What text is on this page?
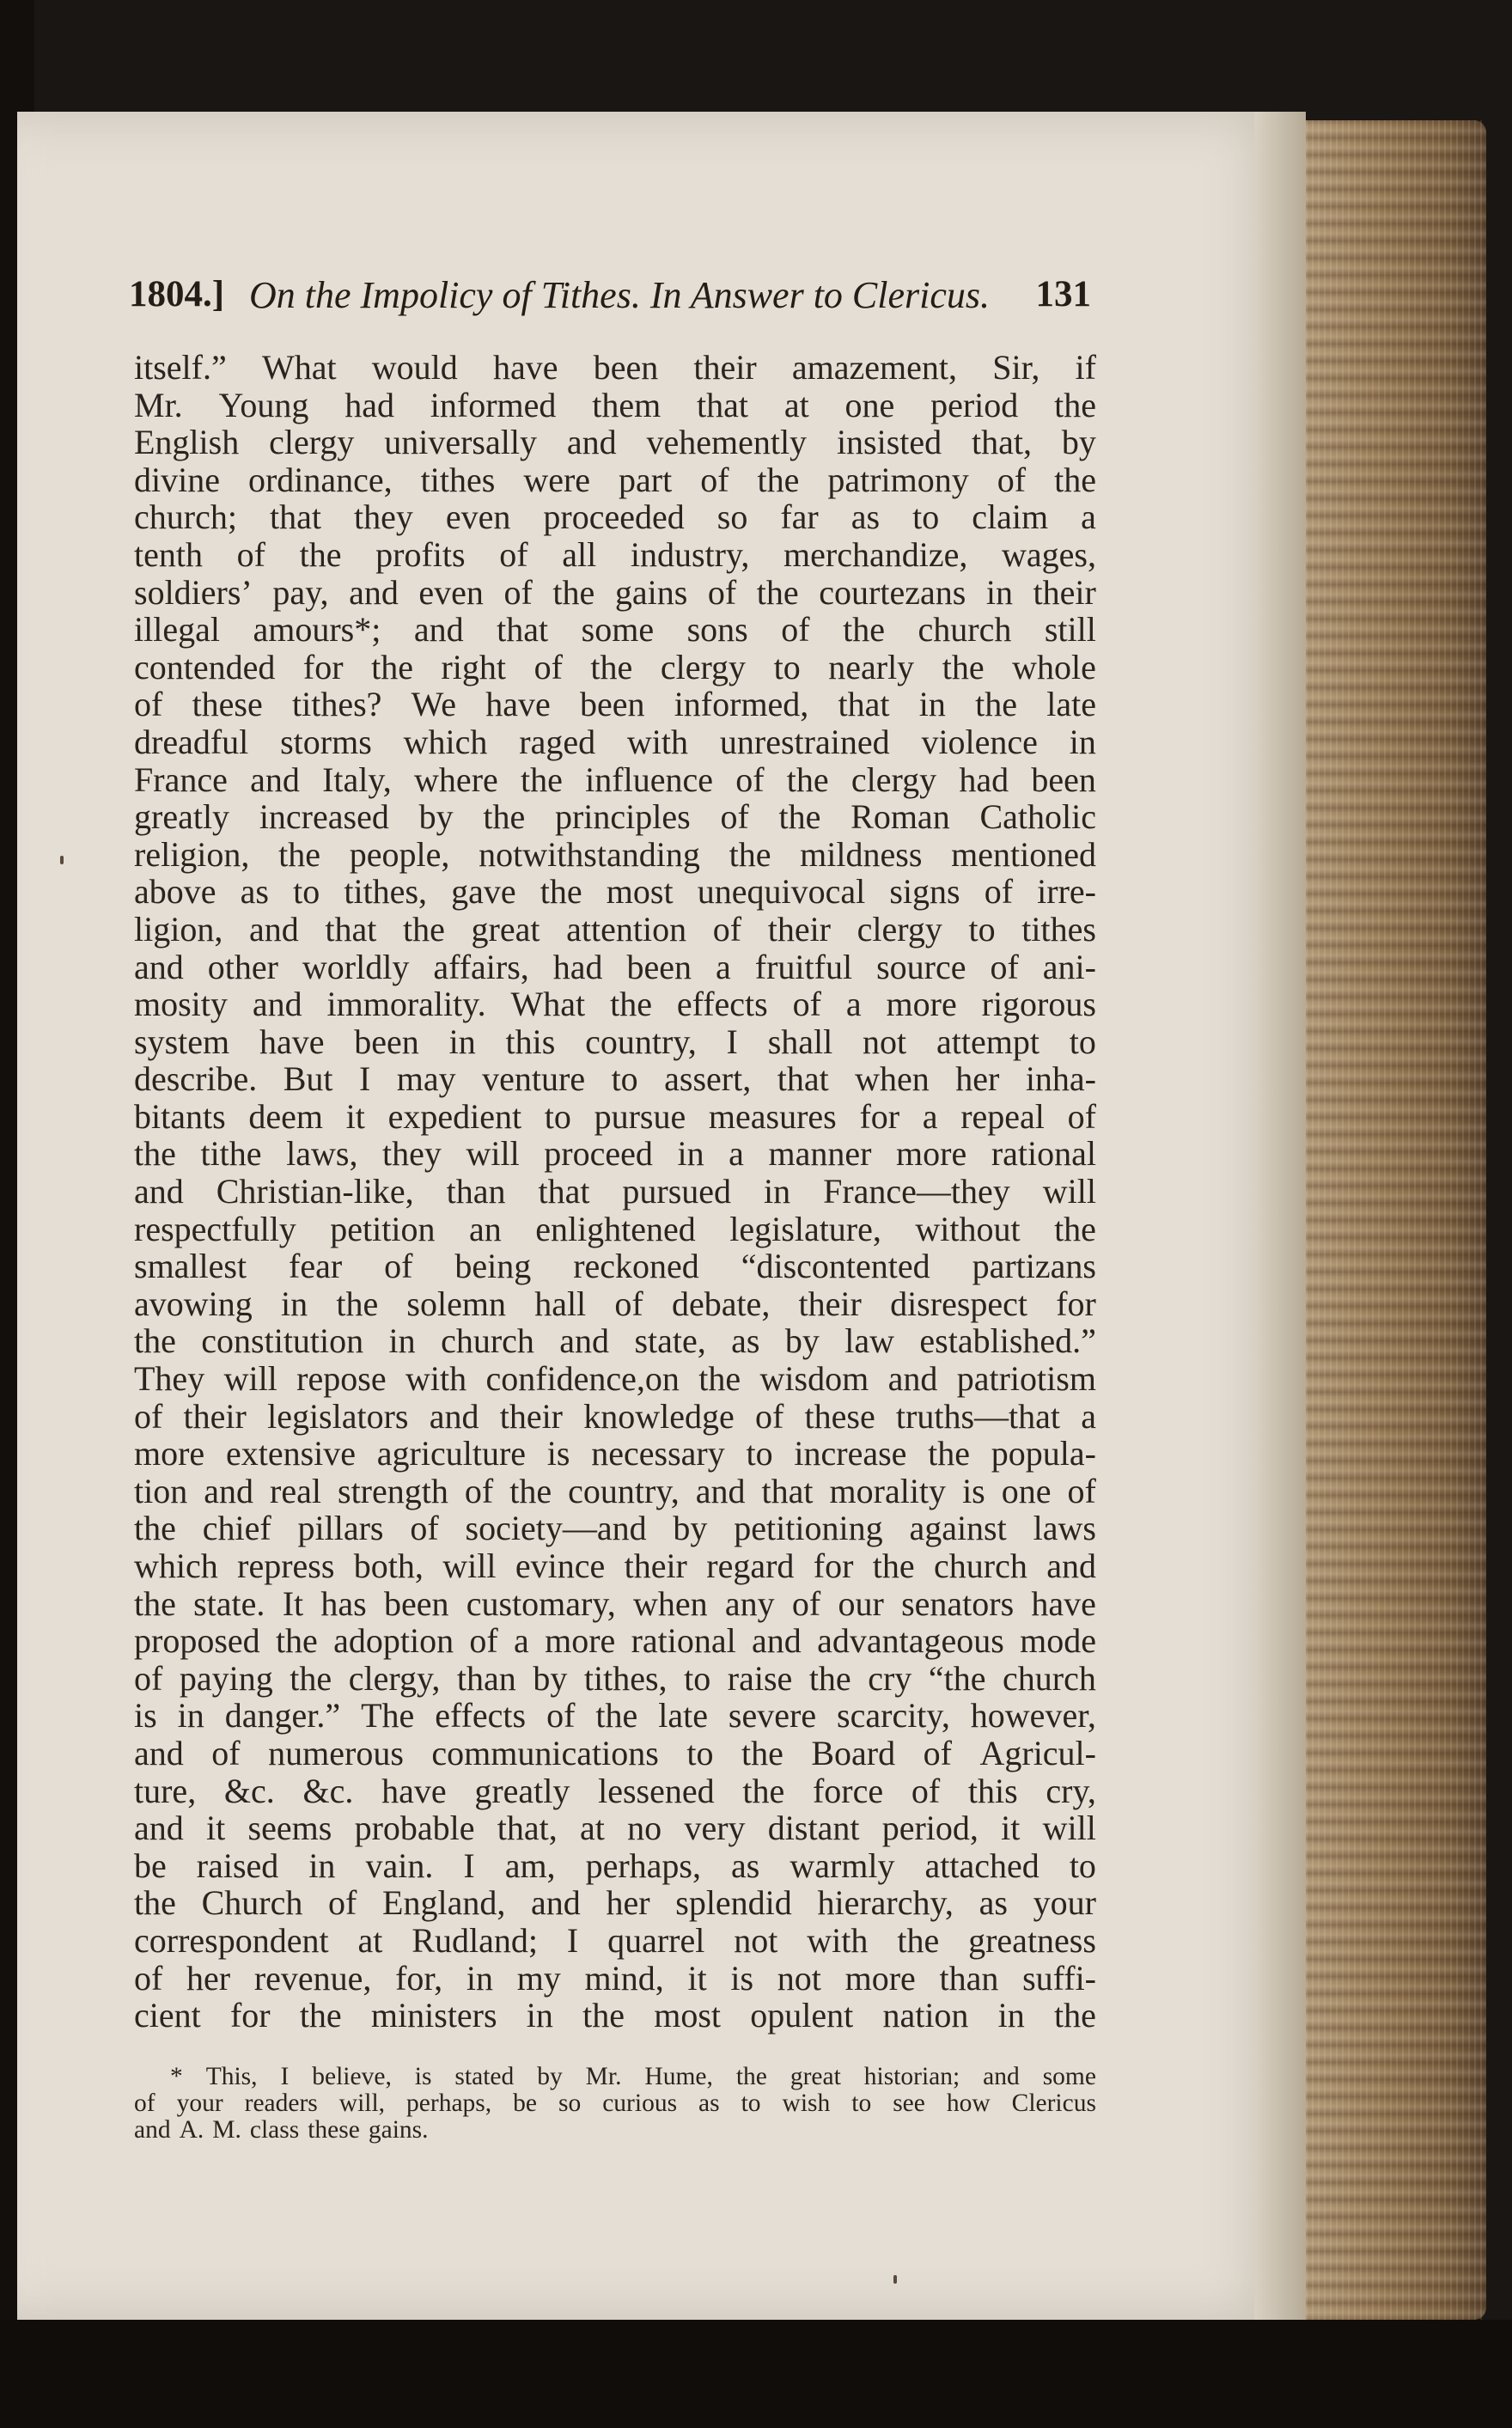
1804.] On the Impolicy of Tithes. In Answer to Clericus. 131
itself.” What would have been their amazement, Sir, if
Mr. Young had informed them that at one period the
English clergy universally and vehemently insisted that, by
divine ordinance, tithes were part of the patrimony of the
church; that they even proceeded so far as to claim a
tenth of the profits of all industry, merchandize, wages,
soldiers’ pay, and even of the gains of the courtezans in their
illegal amours*; and that some sons of the church still
contended for the right of the clergy to nearly the whole
of these tithes? We have been informed, that in the late
dreadful storms which raged with unrestrained violence in
France and Italy, where the influence of the clergy had been
greatly increased by the principles of the Roman Catholic
religion, the people, notwithstanding the mildness mentioned
above as to tithes, gave the most unequivocal signs of irre-
ligion, and that the great attention of their clergy to tithes
and other worldly affairs, had been a fruitful source of ani-
mosity and immorality. What the effects of a more rigorous
system have been in this country, I shall not attempt to
describe. But I may venture to assert, that when her inha-
bitants deem it expedient to pursue measures for a repeal of
the tithe laws, they will proceed in a manner more rational
and Christian-like, than that pursued in France—they will
respectfully petition an enlightened legislature, without the
smallest fear of being reckoned “discontented partizans
avowing in the solemn hall of debate, their disrespect for
the constitution in church and state, as by law established.”
They will repose with confidence,on the wisdom and patriotism
of their legislators and their knowledge of these truths—that a
more extensive agriculture is necessary to increase the popula-
tion and real strength of the country, and that morality is one of
the chief pillars of society—and by petitioning against laws
which repress both, will evince their regard for the church and
the state. It has been customary, when any of our senators have
proposed the adoption of a more rational and advantageous mode
of paying the clergy, than by tithes, to raise the cry “the church
is in danger.” The effects of the late severe scarcity, however,
and of numerous communications to the Board of Agricul-
ture, &c. &c. have greatly lessened the force of this cry,
and it seems probable that, at no very distant period, it will
be raised in vain. I am, perhaps, as warmly attached to
the Church of England, and her splendid hierarchy, as your
correspondent at Rudland; I quarrel not with the greatness
of her revenue, for, in my mind, it is not more than suffi-
cient for the ministers in the most opulent nation in the
* This, I believe, is stated by Mr. Hume, the great historian; and some
of your readers will, perhaps, be so curious as to wish to see how Clericus
and A. M. class these gains.
